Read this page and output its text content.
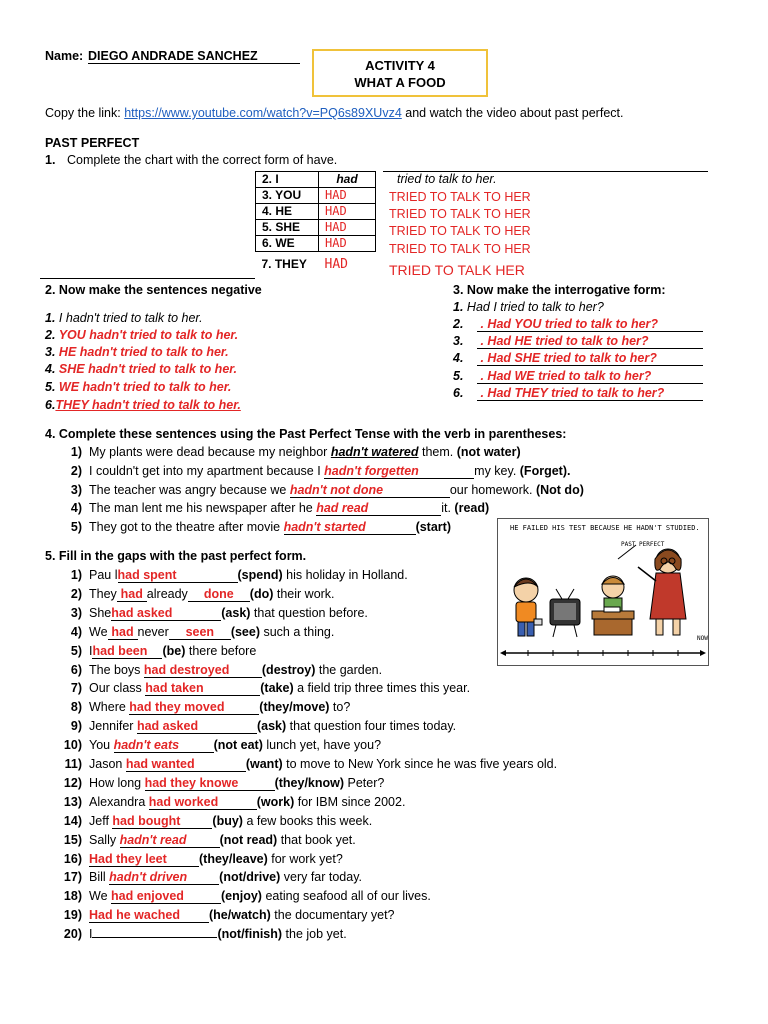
Name: DIEGO ANDRADE SANCHEZ
ACTIVITY 4
WHAT A FOOD
Copy the link: https://www.youtube.com/watch?v=PQ6s89XUvz4 and watch the video about past perfect.
PAST PERFECT
1. Complete the chart with the correct form of have.
2. I	had
3. YOU	HAD
4. HE	HAD
5. SHE	HAD
6. WE	HAD
7. THEY	HAD
tried to talk to her.
TRIED TO TALK TO HER
TRIED TO TALK TO HER
TRIED TO TALK TO HER
TRIED TO TALK TO HER
TRIED TO TALK HER
2. Now make the sentences negative
1. I hadn't tried to talk to her.
2. YOU hadn't tried to talk to her.
3. HE hadn't tried to talk to her.
4. SHE hadn't tried to talk to her.
5. WE hadn't tried to talk to her.
6.THEY hadn't tried to talk to her.
3. Now make the interrogative form:
1. Had I tried to talk to her?
2. . Had YOU tried to talk to her?
3. . Had HE tried to talk to her?
4. . Had SHE tried to talk to her?
5. . Had WE tried to talk to her?
6. . Had THEY tried to talk to her?
4. Complete these sentences using the Past Perfect Tense with the verb in parentheses:
1) My plants were dead because my neighbor hadn't watered them. (not water)
2) I couldn't get into my apartment because I hadn't forgetten	my key. (Forget).
3) The teacher was angry because we hadn't not done	our homework. (Not do)
4) The man lent me his newspaper after he had read	it. (read)
5) They got to the theatre after movie hadn't started	(start)	HE FAILED HIS TEST BECAUSE HE HADN'T STUDIED.
PAST PERFECT
NOW
5. Fill in the gaps with the past perfect form.
1) Pau lhad spent	(spend) his holiday in Holland.
2) They had already done (do) their work.
3) Shehad asked	(ask) that question before.
4) We had never seen (see) such a thing.
5) Ihad been (be) there before
6) The boys had destroyed	(destroy) the garden.
7) Our class had taken	(take) a field trip three times this year.
8) Where had they moved	(they/move) to?
9) Jennifer had asked	(ask) that question four times today.
10) You hadn't eats	(not eat) lunch yet, have you?
11) Jason had wanted	(want) to move to New York since he was five years old.
12) How long had they knowe	(they/know) Peter?
13) Alexandra had worked	(work) for IBM since 2002.
14) Jeff had bought	(buy) a few books this week.
15) Sally hadn't read	(not read) that book yet.
16) Had they leet	(they/leave) for work yet?
17) Bill hadn't driven	(not/drive) very far today.
18) We had enjoved	(enjoy) eating seafood all of our lives.
19) Had he wached (he/watch) the documentary yet?
20) I	(not/finish) the job yet.
